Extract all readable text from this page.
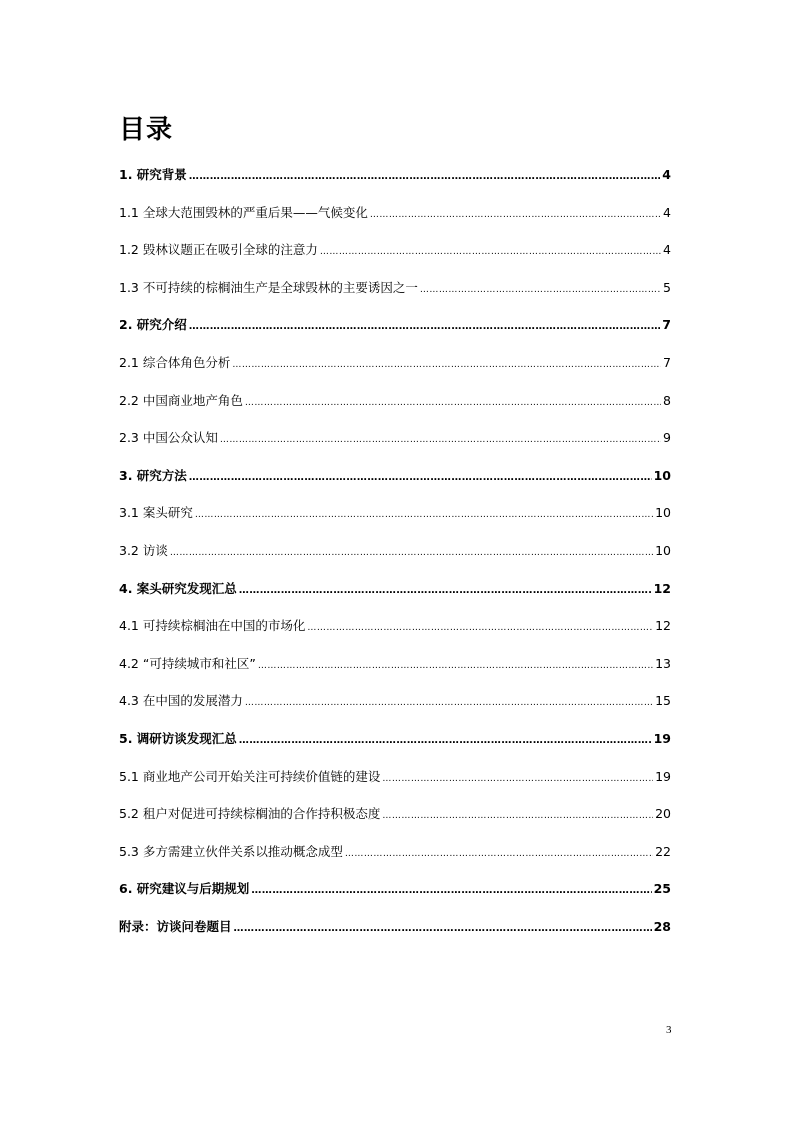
目录
1. 研究背景 ……………………………………………………………………………………………………………………………………………………………………………………………………………………	4
1.1 全球大范围毁林的严重后果——气候变化 ……………………………………………………………………………………………………………………………………………………………………………………………………………………	4
1.2 毁林议题正在吸引全球的注意力 ……………………………………………………………………………………………………………………………………………………………………………………………………………………	4
1.3 不可持续的棕榈油生产是全球毁林的主要诱因之一 ……………………………………………………………………………………………………………………………………………………………………………………………………………………	5
2. 研究介绍 ……………………………………………………………………………………………………………………………………………………………………………………………………………………	7
2.1 综合体角色分析 ……………………………………………………………………………………………………………………………………………………………………………………………………………………	7
2.2 中国商业地产角色 ……………………………………………………………………………………………………………………………………………………………………………………………………………………	8
2.3 中国公众认知 ……………………………………………………………………………………………………………………………………………………………………………………………………………………	9
3. 研究方法 ……………………………………………………………………………………………………………………………………………………………………………………………………………………	10
3.1 案头研究 ……………………………………………………………………………………………………………………………………………………………………………………………………………………	10
3.2 访谈 ……………………………………………………………………………………………………………………………………………………………………………………………………………………	10
4. 案头研究发现汇总 ……………………………………………………………………………………………………………………………………………………………………………………………………………………	12
4.1 可持续棕榈油在中国的市场化 ……………………………………………………………………………………………………………………………………………………………………………………………………………………	12
4.2 “可持续城市和社区” ……………………………………………………………………………………………………………………………………………………………………………………………………………………	13
4.3 在中国的发展潜力 ……………………………………………………………………………………………………………………………………………………………………………………………………………………	15
5. 调研访谈发现汇总 ……………………………………………………………………………………………………………………………………………………………………………………………………………………	19
5.1 商业地产公司开始关注可持续价值链的建设 ……………………………………………………………………………………………………………………………………………………………………………………………………………………	19
5.2 租户对促进可持续棕榈油的合作持积极态度 ……………………………………………………………………………………………………………………………………………………………………………………………………………………	20
5.3 多方需建立伙伴关系以推动概念成型 ……………………………………………………………………………………………………………………………………………………………………………………………………………………	22
6. 研究建议与后期规划 ……………………………………………………………………………………………………………………………………………………………………………………………………………………	25
附录：访谈问卷题目 ……………………………………………………………………………………………………………………………………………………………………………………………………………………	28
3
